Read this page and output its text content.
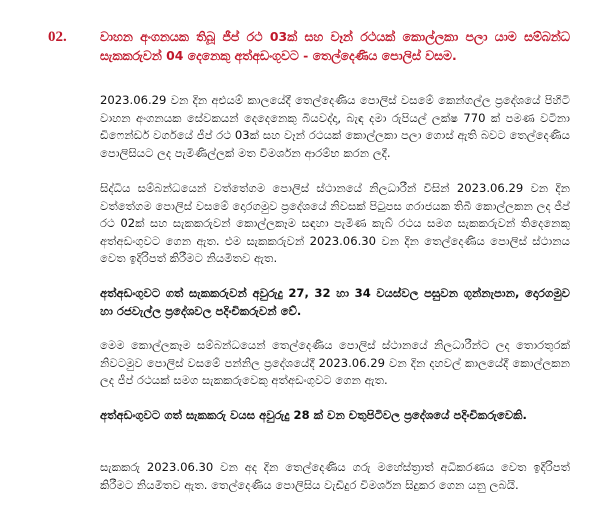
02.	වාහන අංගනයක තිබූ ජීප් රථ 03ක් සහ වෑන් රථයක් කොල්ලකා පලා යාම සම්බන්ධ සැකකරුවන් 04 දෙනෙකු අත්අඩංගුවට - තෙල්දෙණිය පොලිස් වසම.

2023.06.29 වන දින අළුයම් කාලයේදී තෙල්දෙණිය පොලිස් වසමේ කෙන්ගල්ල ප්‍රදේශයේ පිහිටි වාහන අංගනයක සේවකයන් දෙදෙනෙකු බියවද්දා, බැඳ දමා රුපියල් ලක්ෂ 770 ක් පමණ වටිනා ඩිෆෙන්ඩර් වර්ගයේ ජීප් රථ 03ක් සහ වෑන් රථයක් කොල්ලකා පලා ගොස් ඇති බවට තෙල්දෙණිය පොලිසියට ලද පැමිණිල්ලක් මත විමර්ශන ආරම්භ කරන ලදී.

සිද්ධිය සම්බන්ධයෙන් වත්තේගම පොලිස් ස්ථානයේ නිලධාරීන් විසින් 2023.06.29 වන දින වත්තේගම පොලිස් වසමේ දොරගමුව ප්‍රදේශයේ නිවසක් පිටුපස ගරාජයක තිබී කොල්ලකන ලද ජීප් රථ 02ක් සහ සැකකරුවන් කොල්ලකෑම සඳහා පැමිණ කැබ් රථය සමග සැකකරුවන් තිදෙනෙකු අත්අඩංගුවට ගෙන ඇත. එම සැකකරුවන් 2023.06.30 වන දින තෙල්දෙණිය පොලිස් ස්ථානය වෙත ඉදිරිපත් කිරීමට නියමිතව ඇත.

අත්අඩංගුවට ගත් සැකකරුවන් අවුරුදු 27, 32 හා 34 වයස්වල පසුවන ගුන්නැපාන, දොරගමුව හා රජවැල්ල ප්‍රදේශවල පදිංචිකරුවන් වේ.

මෙම කොල්ලකෑම සම්බන්ධයෙන් තෙල්දෙණිය පොලිස් ස්ථානයේ නිලධාරීන්ට ලද තොරතුරක් නිවටමුව පොලිස් වසමේ පන්නිල ප්‍රදේශයේදී 2023.06.29 වන දින දහවල් කාලයේදී කොල්ලකන ලද ජීප් රථයක් සමග සැකකරුවෙකු අත්අඩංගුවට ගෙන ඇත.

අත්අඩංගුවට ගත් සැකකරු වයස අවුරුදු 28 ක් වන චතුපිටිවල ප්‍රදේශයේ පදිංචිකරුවෙකි.

සැකකරු 2023.06.30 වන අද දින තෙල්දෙණිය ගරු මහේස්ත්‍රාත් අධිකරණය වෙත ඉදිරිපත් කිරීමට නියමිතව ඇත. තෙල්දෙණිය පොලිසිය වැඩිදුර විමර්ශන සිදුකර ගෙන යනු ලබයි.
